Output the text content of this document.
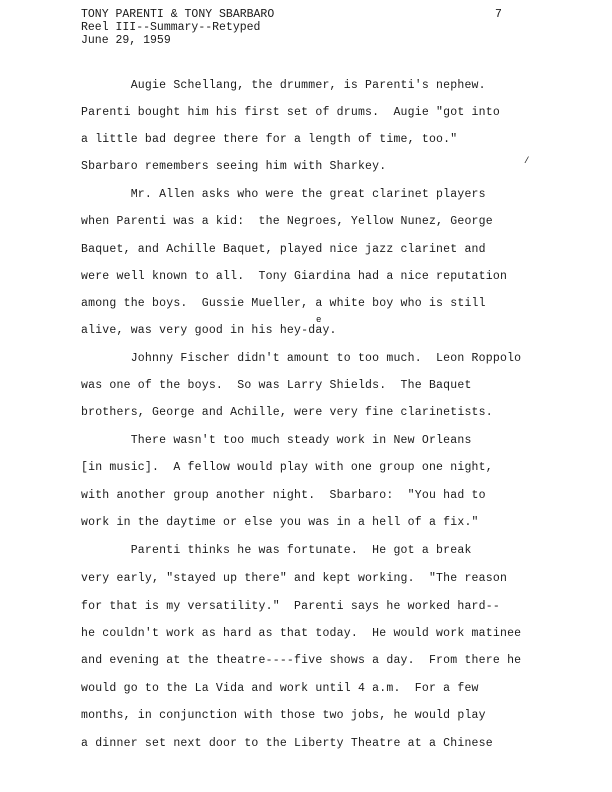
TONY PARENTI & TONY SBARBARO
Reel III--Summary--Retyped
June 29, 1959
7
Augie Schellang, the drummer, is Parenti's nephew.
Parenti bought him his first set of drums.  Augie "got into
a little bad degree there for a length of time, too."
Sbarbaro remembers seeing him with Sharkey.
Mr. Allen asks who were the great clarinet players
when Parenti was a kid:  the Negroes, Yellow Nunez, George
Baquet, and Achille Baquet, played nice jazz clarinet and
were well known to all.  Tony Giardina had a nice reputation
among the boys.  Gussie Mueller, a white boy who is still
alive, was very good in his hey-day.
Johnny Fischer didn't amount to too much.  Leon Roppolo
was one of the boys.  So was Larry Shields.  The Baquet
brothers, George and Achille, were very fine clarinetists.
There wasn't too much steady work in New Orleans
[in music].  A fellow would play with one group one night,
with another group another night.  Sbarbaro:  "You had to
work in the daytime or else you was in a hell of a fix."
Parenti thinks he was fortunate.  He got a break
very early, "stayed up there" and kept working.  "The reason
for that is my versatility."  Parenti says he worked hard--
he couldn't work as hard as that today.  He would work matinee
and evening at the theatre----five shows a day.  From there he
would go to the La Vida and work until 4 a.m.  For a few
months, in conjunction with those two jobs, he would play
a dinner set next door to the Liberty Theatre at a Chinese
/
e
